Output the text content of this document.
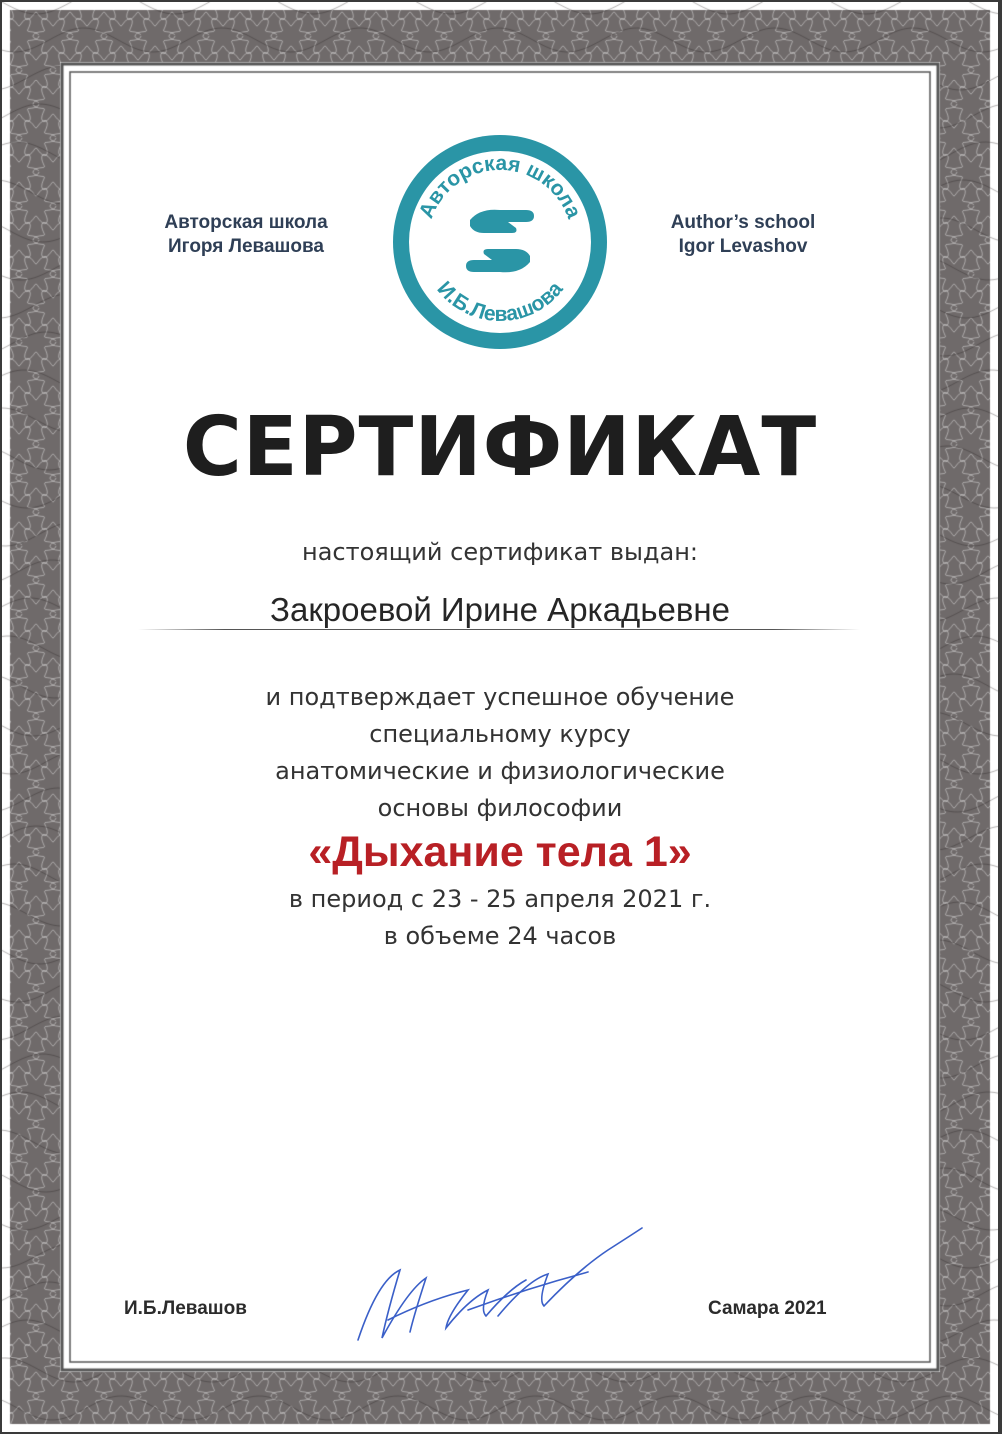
Авторская школа
Игоря Левашова
Авторская школа
И.Б.Левашова
Author’s school
Igor Levashov
СЕРТИФИКАТ
настоящий сертификат выдан:
Закроевой Ирине Аркадьевне
и подтверждает успешное обучение
специальному курсу
анатомические и физиологические
основы философии
«Дыхание тела 1»
в период с 23 - 25 апреля 2021 г.
в объеме 24 часов
И.Б.Левашов	Самара 2021
